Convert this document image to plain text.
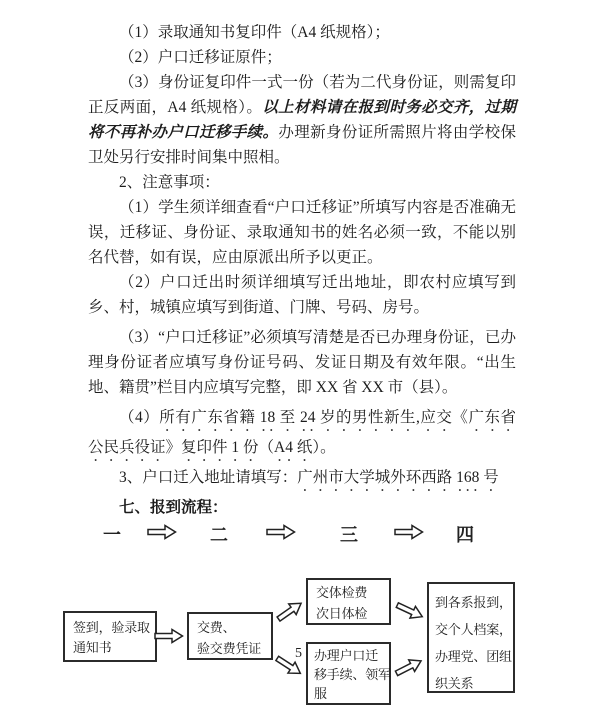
（1）录取通知书复印件（A4 纸规格）；

（2）户口迁移证原件；

（3）身份证复印件一式一份（若为二代身份证，则需复印正反两面，A4 纸规格）。以上材料请在报到时务必交齐，过期将不再补办户口迁移手续。办理新身份证所需照片将由学校保卫处另行安排时间集中照相。

2、注意事项：

（1）学生须详细查看“户口迁移证”所填写内容是否准确无误，迁移证、身份证、录取通知书的姓名必须一致，不能以别名代替，如有误，应由原派出所予以更正。

（2）户口迁出时须详细填写迁出地址，即农村应填写到乡、村，城镇应填写到街道、门牌、号码、房号。

（3）“户口迁移证”必须填写清楚是否已办理身份证，已办理身份证者应填写身份证号码、发证日期及有效年限。“出生地、籍贯”栏目内应填写完整，即 XX 省 XX 市（县）。

（4）所有广东省籍 18 至 24 岁的男性新生,应交《广东省公民兵役证》复印件 1 份（A4 纸）。

3、户口迁入地址请填写：广州市大学城外环西路 168 号

七、报到流程：

一	二	三	四
签到，验录取
通知书
交费、
验交费凭证	5
交体检费
次日体检
办理户口迁
移手续、领军
服
到各系报到，
交个人档案，
办理党、团组
织关系
